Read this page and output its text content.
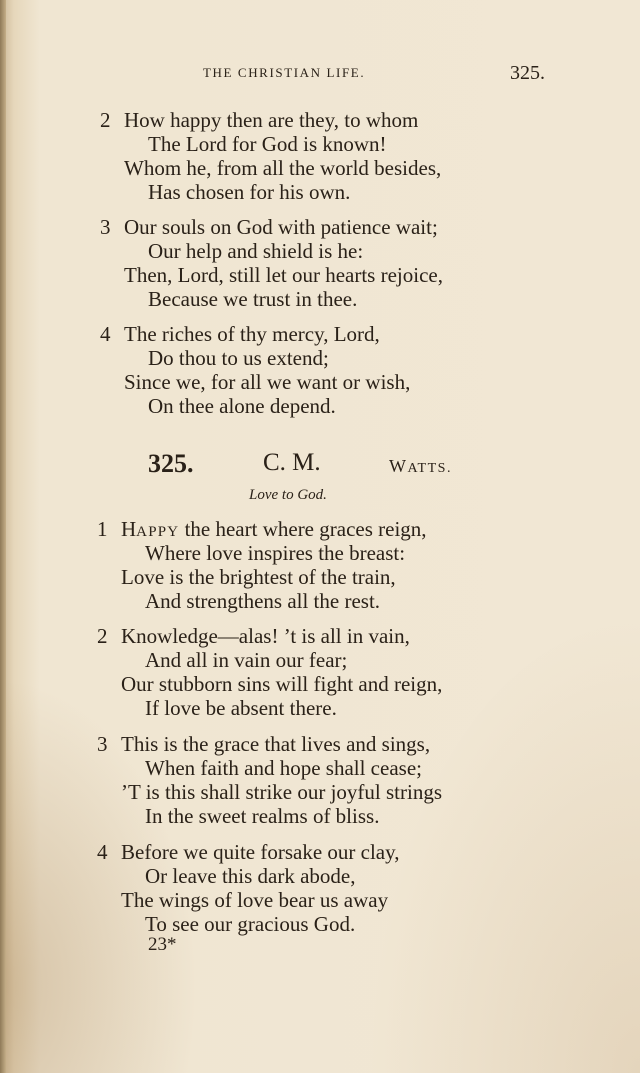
THE CHRISTIAN LIFE.	325.
2 How happy then are they, to whom
The Lord for God is known!
Whom he, from all the world besides,
Has chosen for his own.
3 Our souls on God with patience wait;
Our help and shield is he:
Then, Lord, still let our hearts rejoice,
Because we trust in thee.
4 The riches of thy mercy, Lord,
Do thou to us extend;
Since we, for all we want or wish,
On thee alone depend.
325.	C. M.	WATTS.
Love to God.
1 HAPPY the heart where graces reign,
Where love inspires the breast:
Love is the brightest of the train,
And strengthens all the rest.
2 Knowledge—alas! ’t is all in vain,
And all in vain our fear;
Our stubborn sins will fight and reign,
If love be absent there.
3 This is the grace that lives and sings,
When faith and hope shall cease;
’T is this shall strike our joyful strings
In the sweet realms of bliss.
4 Before we quite forsake our clay,
Or leave this dark abode,
The wings of love bear us away
To see our gracious God.
23*
